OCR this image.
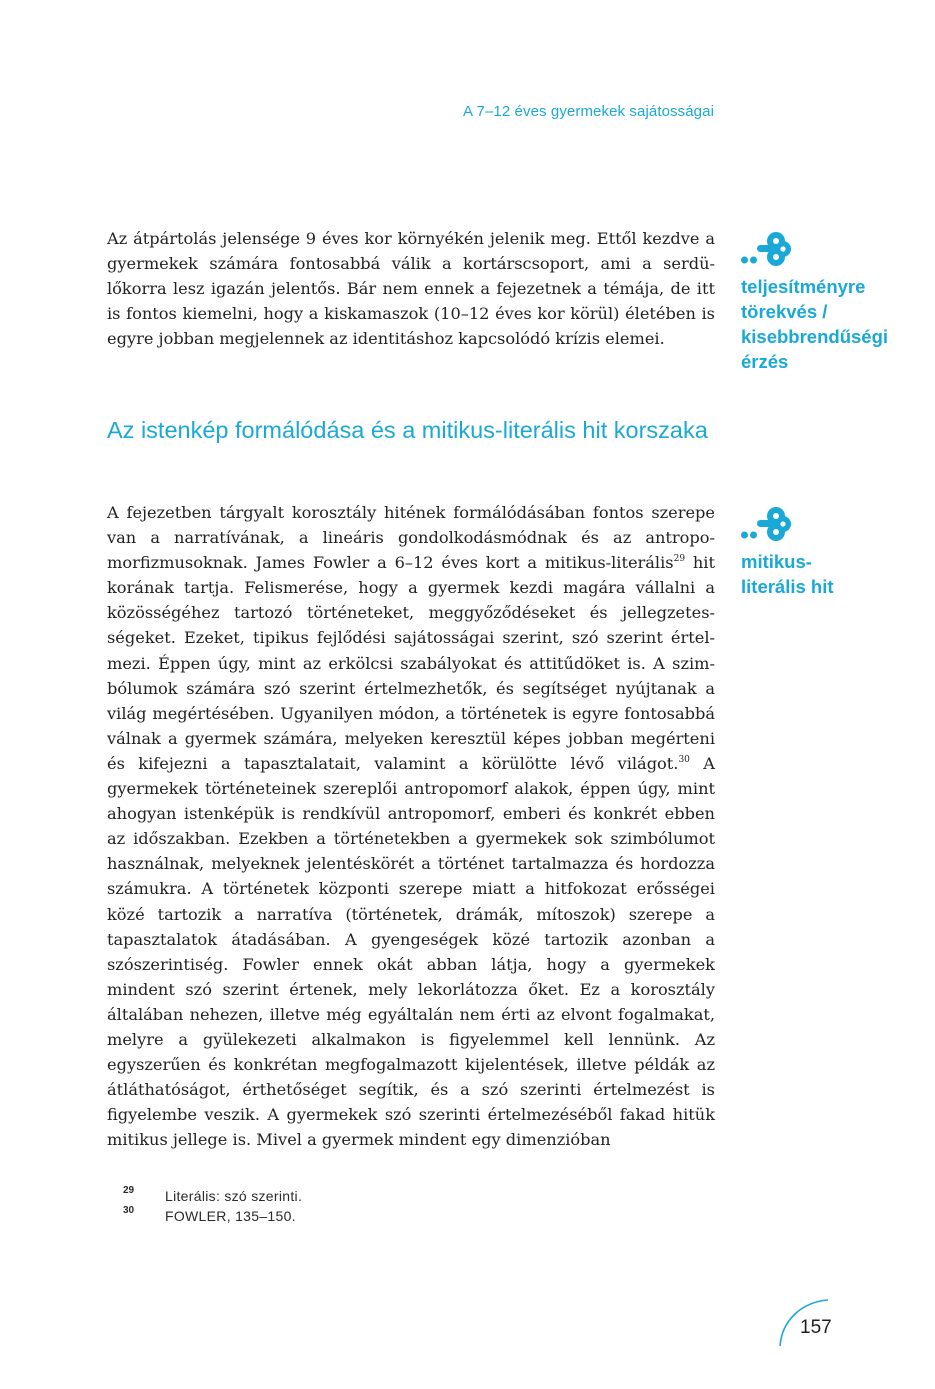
A 7–12 éves gyermekek sajátosságai

Az átpártolás jelensége 9 éves kor környékén jelenik meg. Ettől kezdve a gyermekek számára fontosabbá válik a kortárscsoport, ami a serdülőkorra lesz igazán jelentős. Bár nem ennek a fejezetnek a témája, de itt is fontos kiemelni, hogy a kiskamaszok (10–12 éves kor körül) életében is egyre jobban megjelennek az identitáshoz kapcsolódó krízis elemei.

Az istenkép formálódása és a mitikus-literális hit korszaka

A fejezetben tárgyalt korosztály hitének formálódásában fontos szerepe van a narratívának, a lineáris gondolkodásmódnak és az antropomorfizmusoknak. James Fowler a 6–12 éves kort a mitikus-literális$^{29}$ hit korának tartja. Felismerése, hogy a gyermek kezdi magára vállalni a közösségéhez tartozó történeteket, meggyőződéseket és jellegzetességeket. Ezeket, tipikus fejlődési sajátosságai szerint, szó szerint értelmezi. Éppen úgy, mint az erkölcsi szabályokat és attitűdöket is. A szimbólumok számára szó szerint értelmezhetők, és segítséget nyújtanak a világ megértésében. Ugyanilyen módon, a történetek is egyre fontosabbá válnak a gyermek számára, melyeken keresztül képes jobban megérteni és kifejezni a tapasztalatait, valamint a körülötte lévő világot.$^{30}$ A gyermekek történeteinek szereplői antropomorf alakok, éppen úgy, mint ahogyan istenképük is rendkívül antropomorf, emberi és konkrét ebben az időszakban. Ezekben a történetekben a gyermekek sok szimbólumot használnak, melyeknek jelentéskörét a történet tartalmazza és hordozza számukra. A történetek központi szerepe miatt a hitfokozat erősségei közé tartozik a narratíva (történetek, drámák, mítoszok) szerepe a tapasztalatok átadásában. A gyengeségek közé tartozik azonban a szószerintiség. Fowler ennek okát abban látja, hogy a gyermekek mindent szó szerint értenek, mely lekorlátozza őket. Ez a korosztály általában nehezen, illetve még egyáltalán nem érti az elvont fogalmakat, melyre a gyülekezeti alkalmakon is figyelemmel kell lennünk. Az egyszerűen és konkrétan megfogalmazott kijelentések, illetve példák az átláthatóságot, érthetőséget segítik, és a szó szerinti értelmezést is figyelembe veszik. A gyermekek szó szerinti értelmezéséből fakad hitük mitikus jellege is. Mivel a gyermek mindent egy dimenzióban

teljesítményre
törekvés /
kisebbrendűségi
érzés
mitikus-
literális hit
29 Literális: szó szerinti.
30 FOWLER, 135–150.
157
